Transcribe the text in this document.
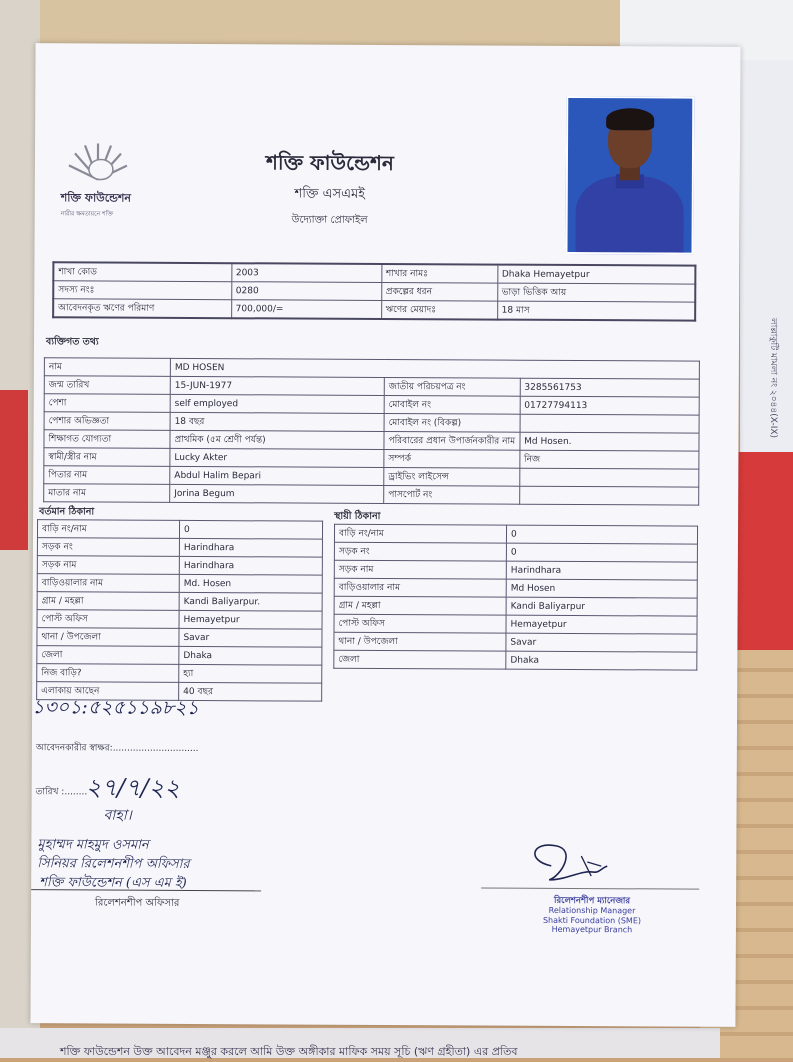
শক্তি ফাউন্ডেশন উক্ত আবেদন মঞ্জুর করলে আমি উক্ত অঙ্গীকার মাফিক সময় সূচি (ঋণ গ্রহীতা) এর প্রতিব
লাল্লাকুটি মামলা নং ২০৪৪(X-IX)
শক্তি ফাউন্ডেশন
নারীর ক্ষমতায়নে শক্তি
শক্তি ফাউন্ডেশন
শক্তি এসএমই
উদ্যোক্তা প্রোফাইল
শাখা কোড	2003	শাখার নামঃ	Dhaka Hemayetpur
সদস্য নংঃ	0280	প্রকল্পের ধরন	ভাড়া ভিত্তিক আয়
আবেদনকৃত ঋণের পরিমাণ	700,000/=	ঋণের মেয়াদঃ	18 মাস
ব্যক্তিগত তথ্য
নাম	MD HOSEN		
জন্ম তারিখ	15-JUN-1977	জাতীয় পরিচয়পত্র নং	3285561753
পেশা	self employed	মোবাইল নং	01727794113
পেশার অভিজ্ঞতা	18 বছর	মোবাইল নং (বিকল্প)	
শিক্ষাগত যোগ্যতা	প্রাথমিক (৫ম শ্রেণী পর্যন্ত)	পরিবারের প্রধান উপার্জনকারীর নাম	Md Hosen.
স্বামী/স্ত্রীর নাম	Lucky Akter	সম্পর্ক	নিজ
পিতার নাম	Abdul Halim Bepari	ড্রাইভিং লাইসেন্স	
মাতার নাম	Jorina Begum	পাসপোর্ট নং	
বর্তমান ঠিকানা
বাড়ি নং/নাম	0
সড়ক নং	Harindhara
সড়ক নাম	Harindhara
বাড়িওয়ালার নাম	Md. Hosen
গ্রাম / মহল্লা	Kandi Baliyarpur.
পোস্ট অফিস	Hemayetpur
থানা / উপজেলা	Savar
জেলা	Dhaka
নিজ বাড়ি?	হ্যা
এলাকায় আছেন	40 বছর
স্থায়ী ঠিকানা
বাড়ি নং/নাম	0
সড়ক নং	0
সড়ক নাম	Harindhara
বাড়িওয়ালার নাম	Md Hosen
গ্রাম / মহল্লা	Kandi Baliyarpur
পোস্ট অফিস	Hemayetpur
থানা / উপজেলা	Savar
জেলা	Dhaka
১৩০১:৫২৫১১৯৮২১
আবেদনকারীর স্বাক্ষর:..............................
তারিখ :........
২৭/৭/২২
বাহা।
মুহাম্মদ মাহমুদ ওসমান
সিনিয়র রিলেশনশীপ অফিসার
শক্তি ফাউন্ডেশন (এস এম ই)
রিলেশনশীপ অফিসার	রিলেশনশীপ ম্যানেজার
Relationship Manager
Shakti Foundation (SME)
Hemayetpur Branch
